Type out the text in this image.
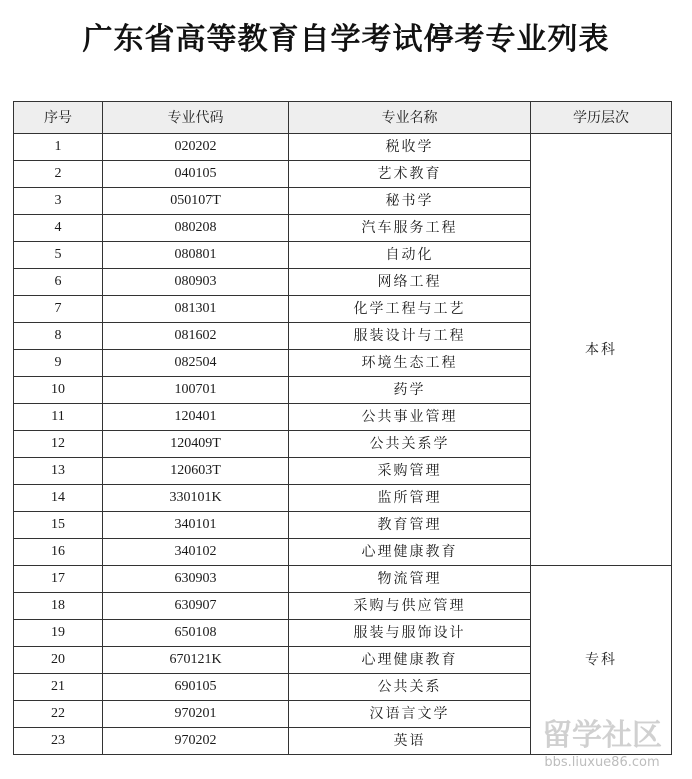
广东省高等教育自学考试停考专业列表
序号	专业代码	专业名称	学历层次
1	020202	税收学	本科
2	040105	艺术教育	
3	050107T	秘书学	
4	080208	汽车服务工程	
5	080801	自动化	
6	080903	网络工程	
7	081301	化学工程与工艺	
8	081602	服装设计与工程	
9	082504	环境生态工程	
10	100701	药学	
11	120401	公共事业管理	
12	120409T	公共关系学	
13	120603T	采购管理	
14	330101K	监所管理	
15	340101	教育管理	
16	340102	心理健康教育	
17	630903	物流管理	专科
18	630907	采购与供应管理	
19	650108	服装与服饰设计	
20	670121K	心理健康教育	
21	690105	公共关系	
22	970201	汉语言文学	
23	970202	英语		留学社区
bbs.liuxue86.com
